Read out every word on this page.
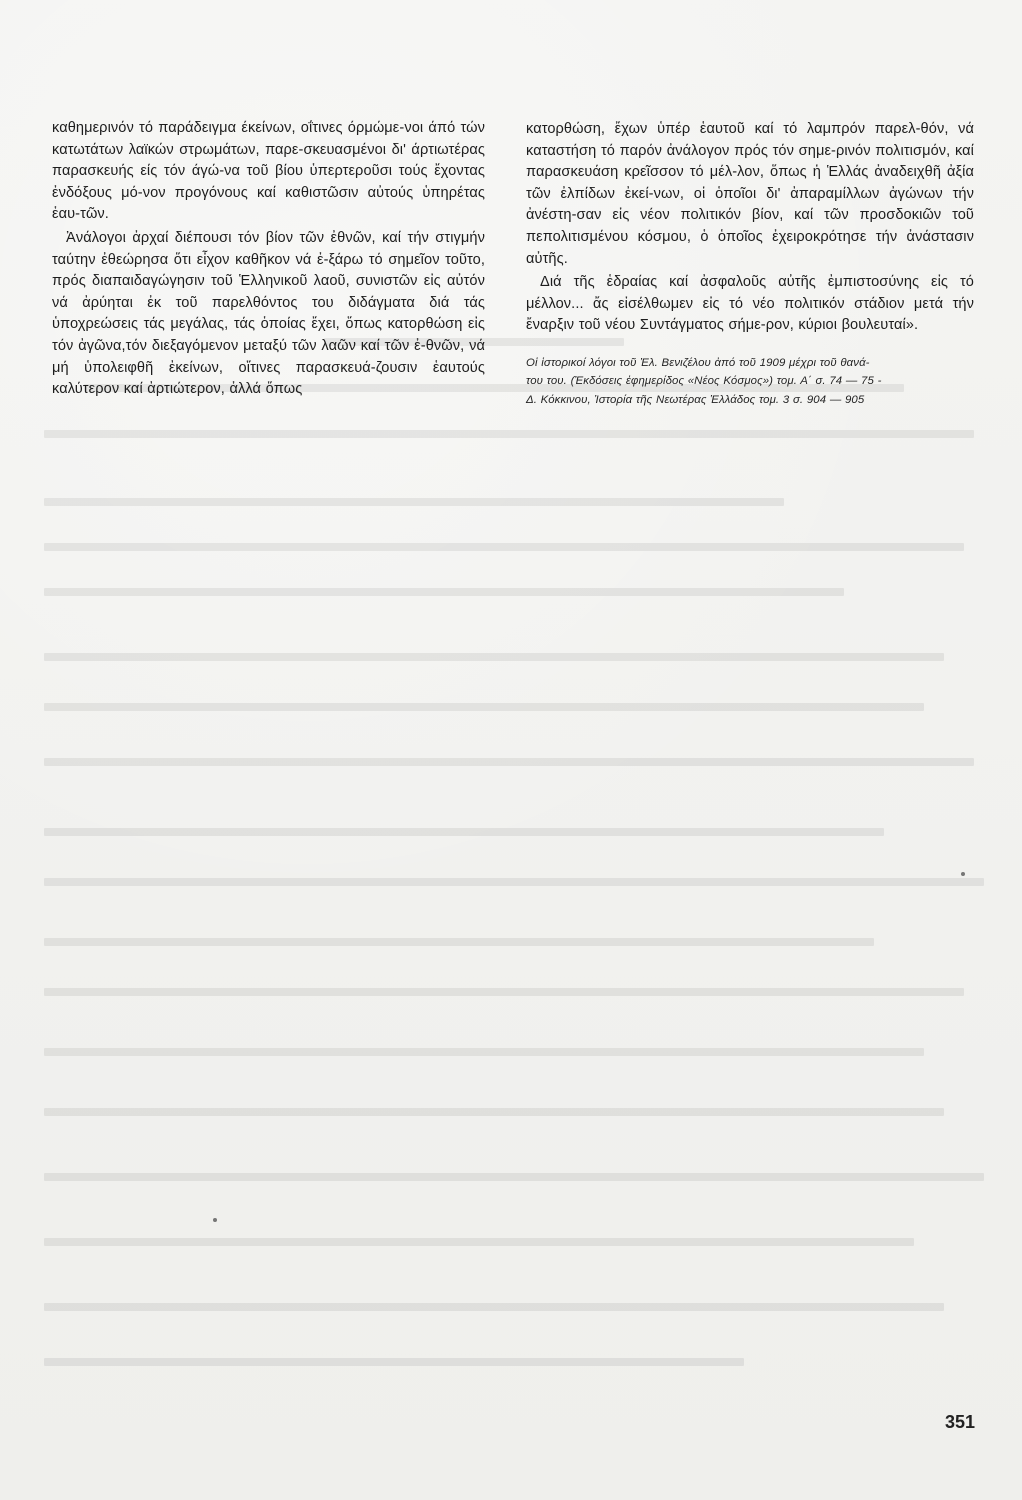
καθημερινόν τό παράδειγμα έκείνων, οΐτινες όρμώμε-νοι άπό τών κατωτάτων λαϊκών στρωμάτων, παρε-σκευασμένοι δι' άρτιωτέρας παρασκευής είς τόν άγώ-να τοῦ βίου ὑπερτεροῦσι τούς ἔχοντας ἐνδόξους μό-νον προγόνους καί καθιστῶσιν αὐτούς ὑπηρέτας ἑαυ-τῶν.

Ἀνάλογοι ἀρχαί διέπουσι τόν βίον τῶν ἐθνῶν, καί τήν στιγμήν ταύτην ἐθεώρησα ὅτι εἶχον καθῆκον νά ἐ-ξάρω τό σημεῖον τοῦτο, πρός διαπαιδαγώγησιν τοῦ Ἑλληνικοῦ λαοῦ, συνιστῶν εἰς αὐτόν νά ἀρύηται ἐκ τοῦ παρελθόντος του διδάγματα διά τάς ὑποχρεώσεις τάς μεγάλας, τάς ὁποίας ἔχει, ὅπως κατορθώση εἰς τόν ἀγῶνα,τόν διεξαγόμενον μεταξύ τῶν λαῶν καί τῶν ἐ-θνῶν, νά μή ὑπολειφθῆ ἐκείνων, οἵτινες παρασκευά-ζουσιν ἑαυτούς καλύτερον καί ἀρτιώτερον, ἀλλά ὅπως

κατορθώση, ἔχων ὑπέρ ἑαυτοῦ καί τό λαμπρόν παρελ-θόν, νά καταστήση τό παρόν ἀνάλογον πρός τόν σημε-ρινόν πολιτισμόν, καί παρασκευάση κρεῖσσον τό μέλ-λον, ὅπως ἡ Ἑλλάς ἀναδειχθῆ ἀξία τῶν ἐλπίδων ἐκεί-νων, οἱ ὁποῖοι δι' ἀπαραμίλλων ἀγώνων τήν ἀνέστη-σαν εἰς νέον πολιτικόν βίον, καί τῶν προσδοκιῶν τοῦ πεπολιτισμένου κόσμου, ὁ ὁποῖος ἐχειροκρότησε τήν ἀνάστασιν αὐτῆς.

Διά τῆς ἑδραίας καί ἀσφαλοῦς αὐτῆς ἐμπιστοσύνης εἰς τό μέλλον... ἄς εἰσέλθωμεν εἰς τό νέο πολιτικόν στάδιον μετά τήν ἔναρξιν τοῦ νέου Συντάγματος σήμε-ρον, κύριοι βουλευταί».

Οἱ ἱστορικοί λόγοι τοῦ Ἐλ. Βενιζέλου ἀπό τοῦ 1909 μέχρι τοῦ θανά-

του του. (Ἐκδόσεις ἐφημερίδος «Νέος Κόσμος») τομ. Α΄ σ. 74 — 75 -

Δ. Κόκκινου, Ἱστορία τῆς Νεωτέρας Ἑλλάδος τομ. 3 σ. 904 — 905

351
